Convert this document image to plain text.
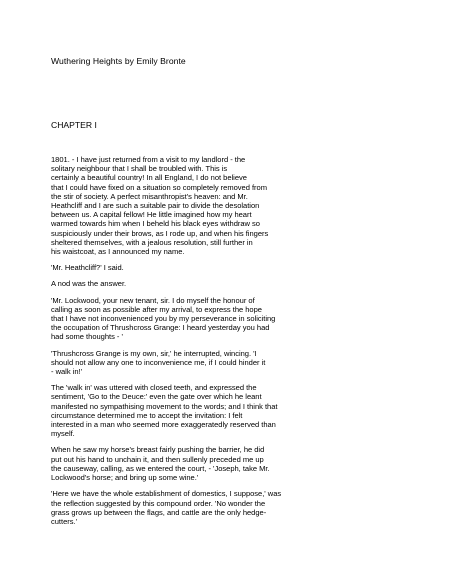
Wuthering Heights by Emily Bronte
CHAPTER I
1801. - I have just returned from a visit to my landlord - the
solitary neighbour that I shall be troubled with. This is
certainly a beautiful country! In all England, I do not believe
that I could have fixed on a situation so completely removed from
the stir of society. A perfect misanthropist's heaven: and Mr.
Heathcliff and I are such a suitable pair to divide the desolation
between us. A capital fellow! He little imagined how my heart
warmed towards him when I beheld his black eyes withdraw so
suspiciously under their brows, as I rode up, and when his fingers
sheltered themselves, with a jealous resolution, still further in
his waistcoat, as I announced my name.
'Mr. Heathcliff?' I said.
A nod was the answer.
'Mr. Lockwood, your new tenant, sir. I do myself the honour of
calling as soon as possible after my arrival, to express the hope
that I have not inconvenienced you by my perseverance in soliciting
the occupation of Thrushcross Grange: I heard yesterday you had
had some thoughts - '
'Thrushcross Grange is my own, sir,' he interrupted, wincing. 'I
should not allow any one to inconvenience me, if I could hinder it
- walk in!'
The 'walk in' was uttered with closed teeth, and expressed the
sentiment, 'Go to the Deuce:' even the gate over which he leant
manifested no sympathising movement to the words; and I think that
circumstance determined me to accept the invitation: I felt
interested in a man who seemed more exaggeratedly reserved than
myself.
When he saw my horse's breast fairly pushing the barrier, he did
put out his hand to unchain it, and then sullenly preceded me up
the causeway, calling, as we entered the court, - 'Joseph, take Mr.
Lockwood's horse; and bring up some wine.'
'Here we have the whole establishment of domestics, I suppose,' was
the reflection suggested by this compound order. 'No wonder the
grass grows up between the flags, and cattle are the only hedge-
cutters.'
